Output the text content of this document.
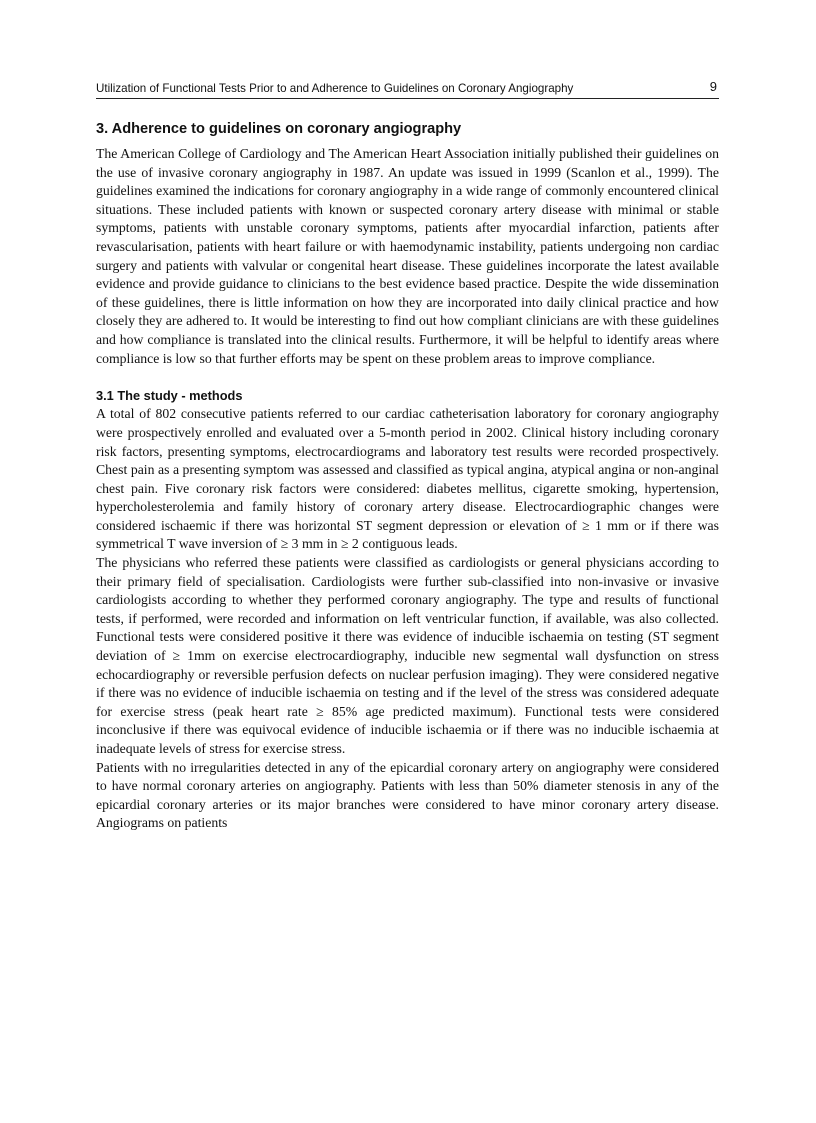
Utilization of Functional Tests Prior to and Adherence to Guidelines on Coronary Angiography	9
3. Adherence to guidelines on coronary angiography

The American College of Cardiology and The American Heart Association initially published their guidelines on the use of invasive coronary angiography in 1987. An update was issued in 1999 (Scanlon et al., 1999). The guidelines examined the indications for coronary angiography in a wide range of commonly encountered clinical situations. These included patients with known or suspected coronary artery disease with minimal or stable symptoms, patients with unstable coronary symptoms, patients after myocardial infarction, patients after revascularisation, patients with heart failure or with haemodynamic instability, patients undergoing non cardiac surgery and patients with valvular or congenital heart disease. These guidelines incorporate the latest available evidence and provide guidance to clinicians to the best evidence based practice. Despite the wide dissemination of these guidelines, there is little information on how they are incorporated into daily clinical practice and how closely they are adhered to. It would be interesting to find out how compliant clinicians are with these guidelines and how compliance is translated into the clinical results. Furthermore, it will be helpful to identify areas where compliance is low so that further efforts may be spent on these problem areas to improve compliance.

3.1 The study - methods

A total of 802 consecutive patients referred to our cardiac catheterisation laboratory for coronary angiography were prospectively enrolled and evaluated over a 5-month period in 2002. Clinical history including coronary risk factors, presenting symptoms, electrocardiograms and laboratory test results were recorded prospectively. Chest pain as a presenting symptom was assessed and classified as typical angina, atypical angina or non-anginal chest pain. Five coronary risk factors were considered: diabetes mellitus, cigarette smoking, hypertension, hypercholesterolemia and family history of coronary artery disease. Electrocardiographic changes were considered ischaemic if there was horizontal ST segment depression or elevation of ≥ 1 mm or if there was symmetrical T wave inversion of ≥ 3 mm in ≥ 2 contiguous leads.

The physicians who referred these patients were classified as cardiologists or general physicians according to their primary field of specialisation. Cardiologists were further sub-classified into non-invasive or invasive cardiologists according to whether they performed coronary angiography. The type and results of functional tests, if performed, were recorded and information on left ventricular function, if available, was also collected. Functional tests were considered positive it there was evidence of inducible ischaemia on testing (ST segment deviation of ≥ 1mm on exercise electrocardiography, inducible new segmental wall dysfunction on stress echocardiography or reversible perfusion defects on nuclear perfusion imaging). They were considered negative if there was no evidence of inducible ischaemia on testing and if the level of the stress was considered adequate for exercise stress (peak heart rate ≥ 85% age predicted maximum). Functional tests were considered inconclusive if there was equivocal evidence of inducible ischaemia or if there was no inducible ischaemia at inadequate levels of stress for exercise stress.

Patients with no irregularities detected in any of the epicardial coronary artery on angiography were considered to have normal coronary arteries on angiography. Patients with less than 50% diameter stenosis in any of the epicardial coronary arteries or its major branches were considered to have minor coronary artery disease. Angiograms on patients
